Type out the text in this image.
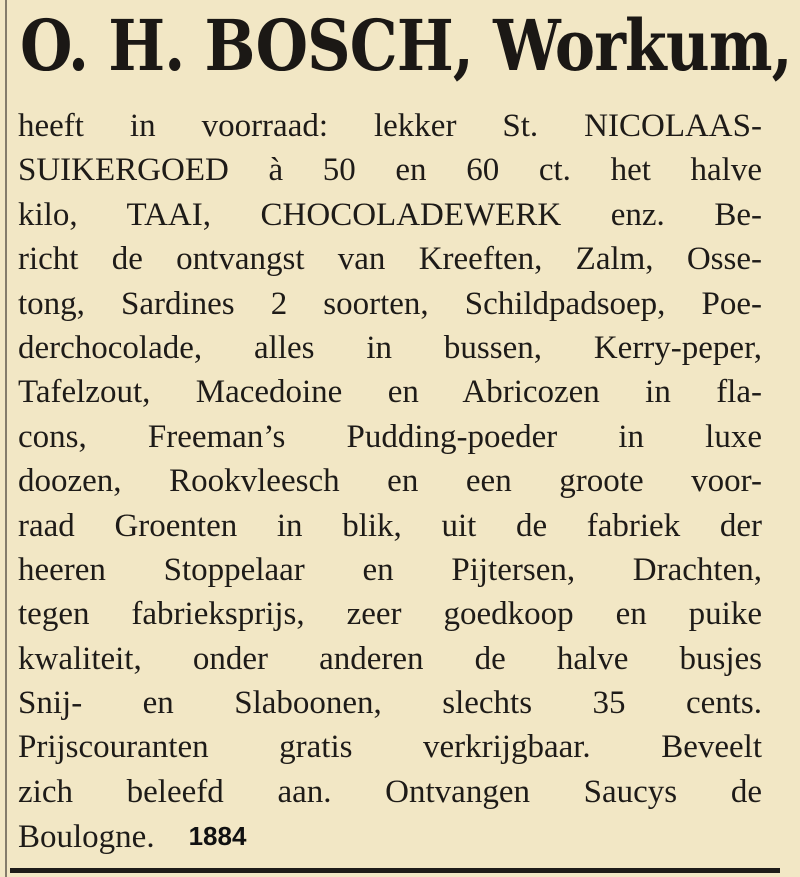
O. H. BOSCH, Workum,
heeft in voorraad: lekker St. NICOLAAS-
SUIKERGOED à 50 en 60 ct. het halve
kilo, TAAI, CHOCOLADEWERK enz. Be-
richt de ontvangst van Kreeften, Zalm, Osse-
tong, Sardines 2 soorten, Schildpadsoep, Poe-
derchocolade, alles in bussen, Kerry-peper,
Tafelzout, Macedoine en Abricozen in fla-
cons, Freeman’s Pudding-poeder in luxe
doozen, Rookvleesch en een groote voor-
raad Groenten in blik, uit de fabriek der
heeren Stoppelaar en Pijtersen, Drachten,
tegen fabrieksprijs, zeer goedkoop en puike
kwaliteit, onder anderen de halve busjes
Snij- en Slaboonen, slechts 35 cents.
Prijscouranten gratis verkrijgbaar. Beveelt
zich beleefd aan. Ontvangen Saucys de
Boulogne. 1884
